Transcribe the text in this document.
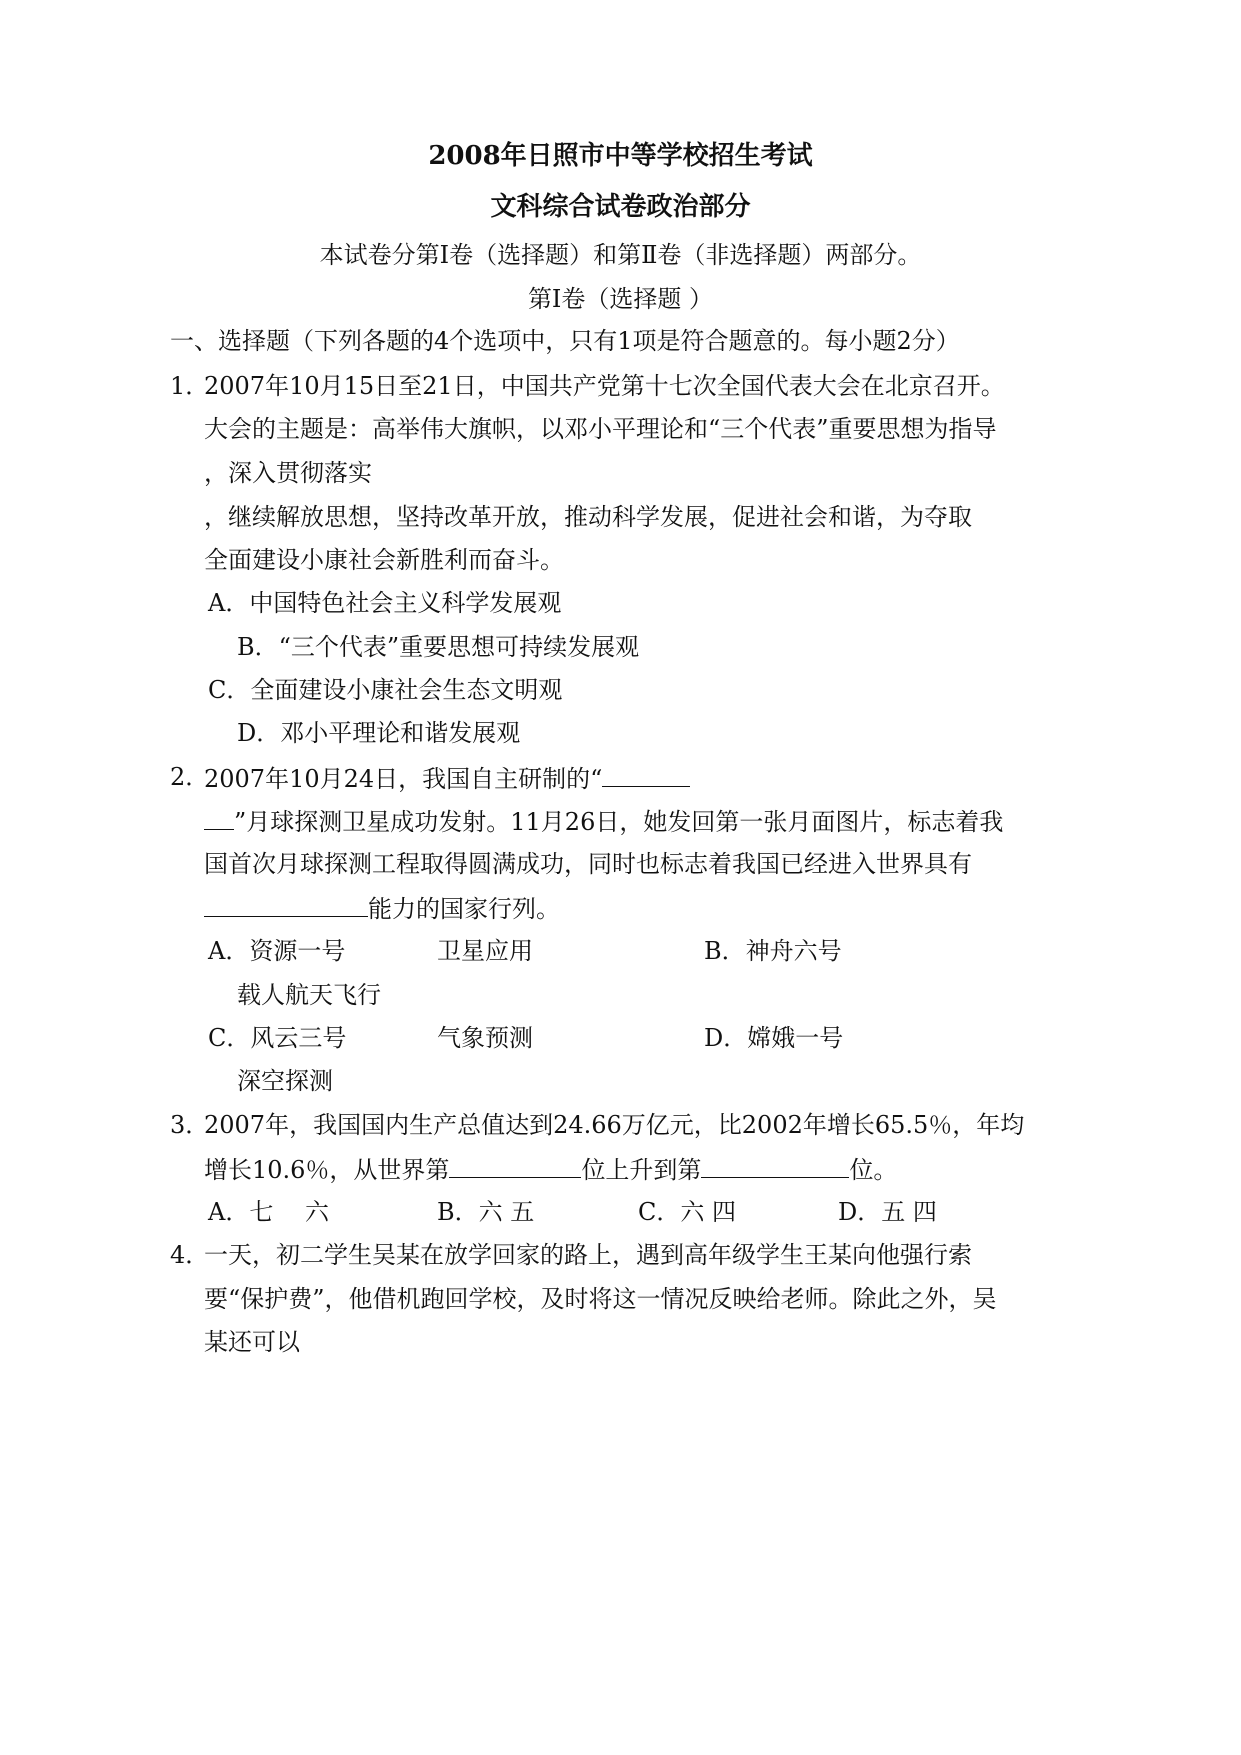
2008年日照市中等学校招生考试
文科综合试卷政治部分
本试卷分第Ⅰ卷（选择题）和第Ⅱ卷（非选择题）两部分。
第Ⅰ卷（选择题 ）
一、选择题（下列各题的4个选项中，只有1项是符合题意的。每小题2分）
1．
2007年10月15日至21日，中国共产党第十七次全国代表大会在北京召开。
大会的主题是：高举伟大旗帜，以邓小平理论和“三个代表”重要思想为指导
，深入贯彻落实
，继续解放思想，坚持改革开放，推动科学发展，促进社会和谐，为夺取
全面建设小康社会新胜利而奋斗。
A．中国特色社会主义科学发展观
B．“三个代表”重要思想可持续发展观
C．全面建设小康社会生态文明观
D．邓小平理论和谐发展观
2．
2007年10月24日，我国自主研制的“
”月球探测卫星成功发射。11月26日，她发回第一张月面图片，标志着我
国首次月球探测工程取得圆满成功，同时也标志着我国已经进入世界具有
能力的国家行列。
A．资源一号	卫星应用	B．神舟六号
载人航天飞行
C．风云三号	气象预测	D．嫦娥一号
深空探测
3．
2007年，我国国内生产总值达到24.66万亿元，比2002年增长65.5％，年均
增长10.6％，从世界第	位上升到第	位。
A．七　 六	B．六 五	C．六 四	D．五 四
4．
一天，初二学生吴某在放学回家的路上，遇到高年级学生王某向他强行索
要“保护费”，他借机跑回学校，及时将这一情况反映给老师。除此之外，吴
某还可以
